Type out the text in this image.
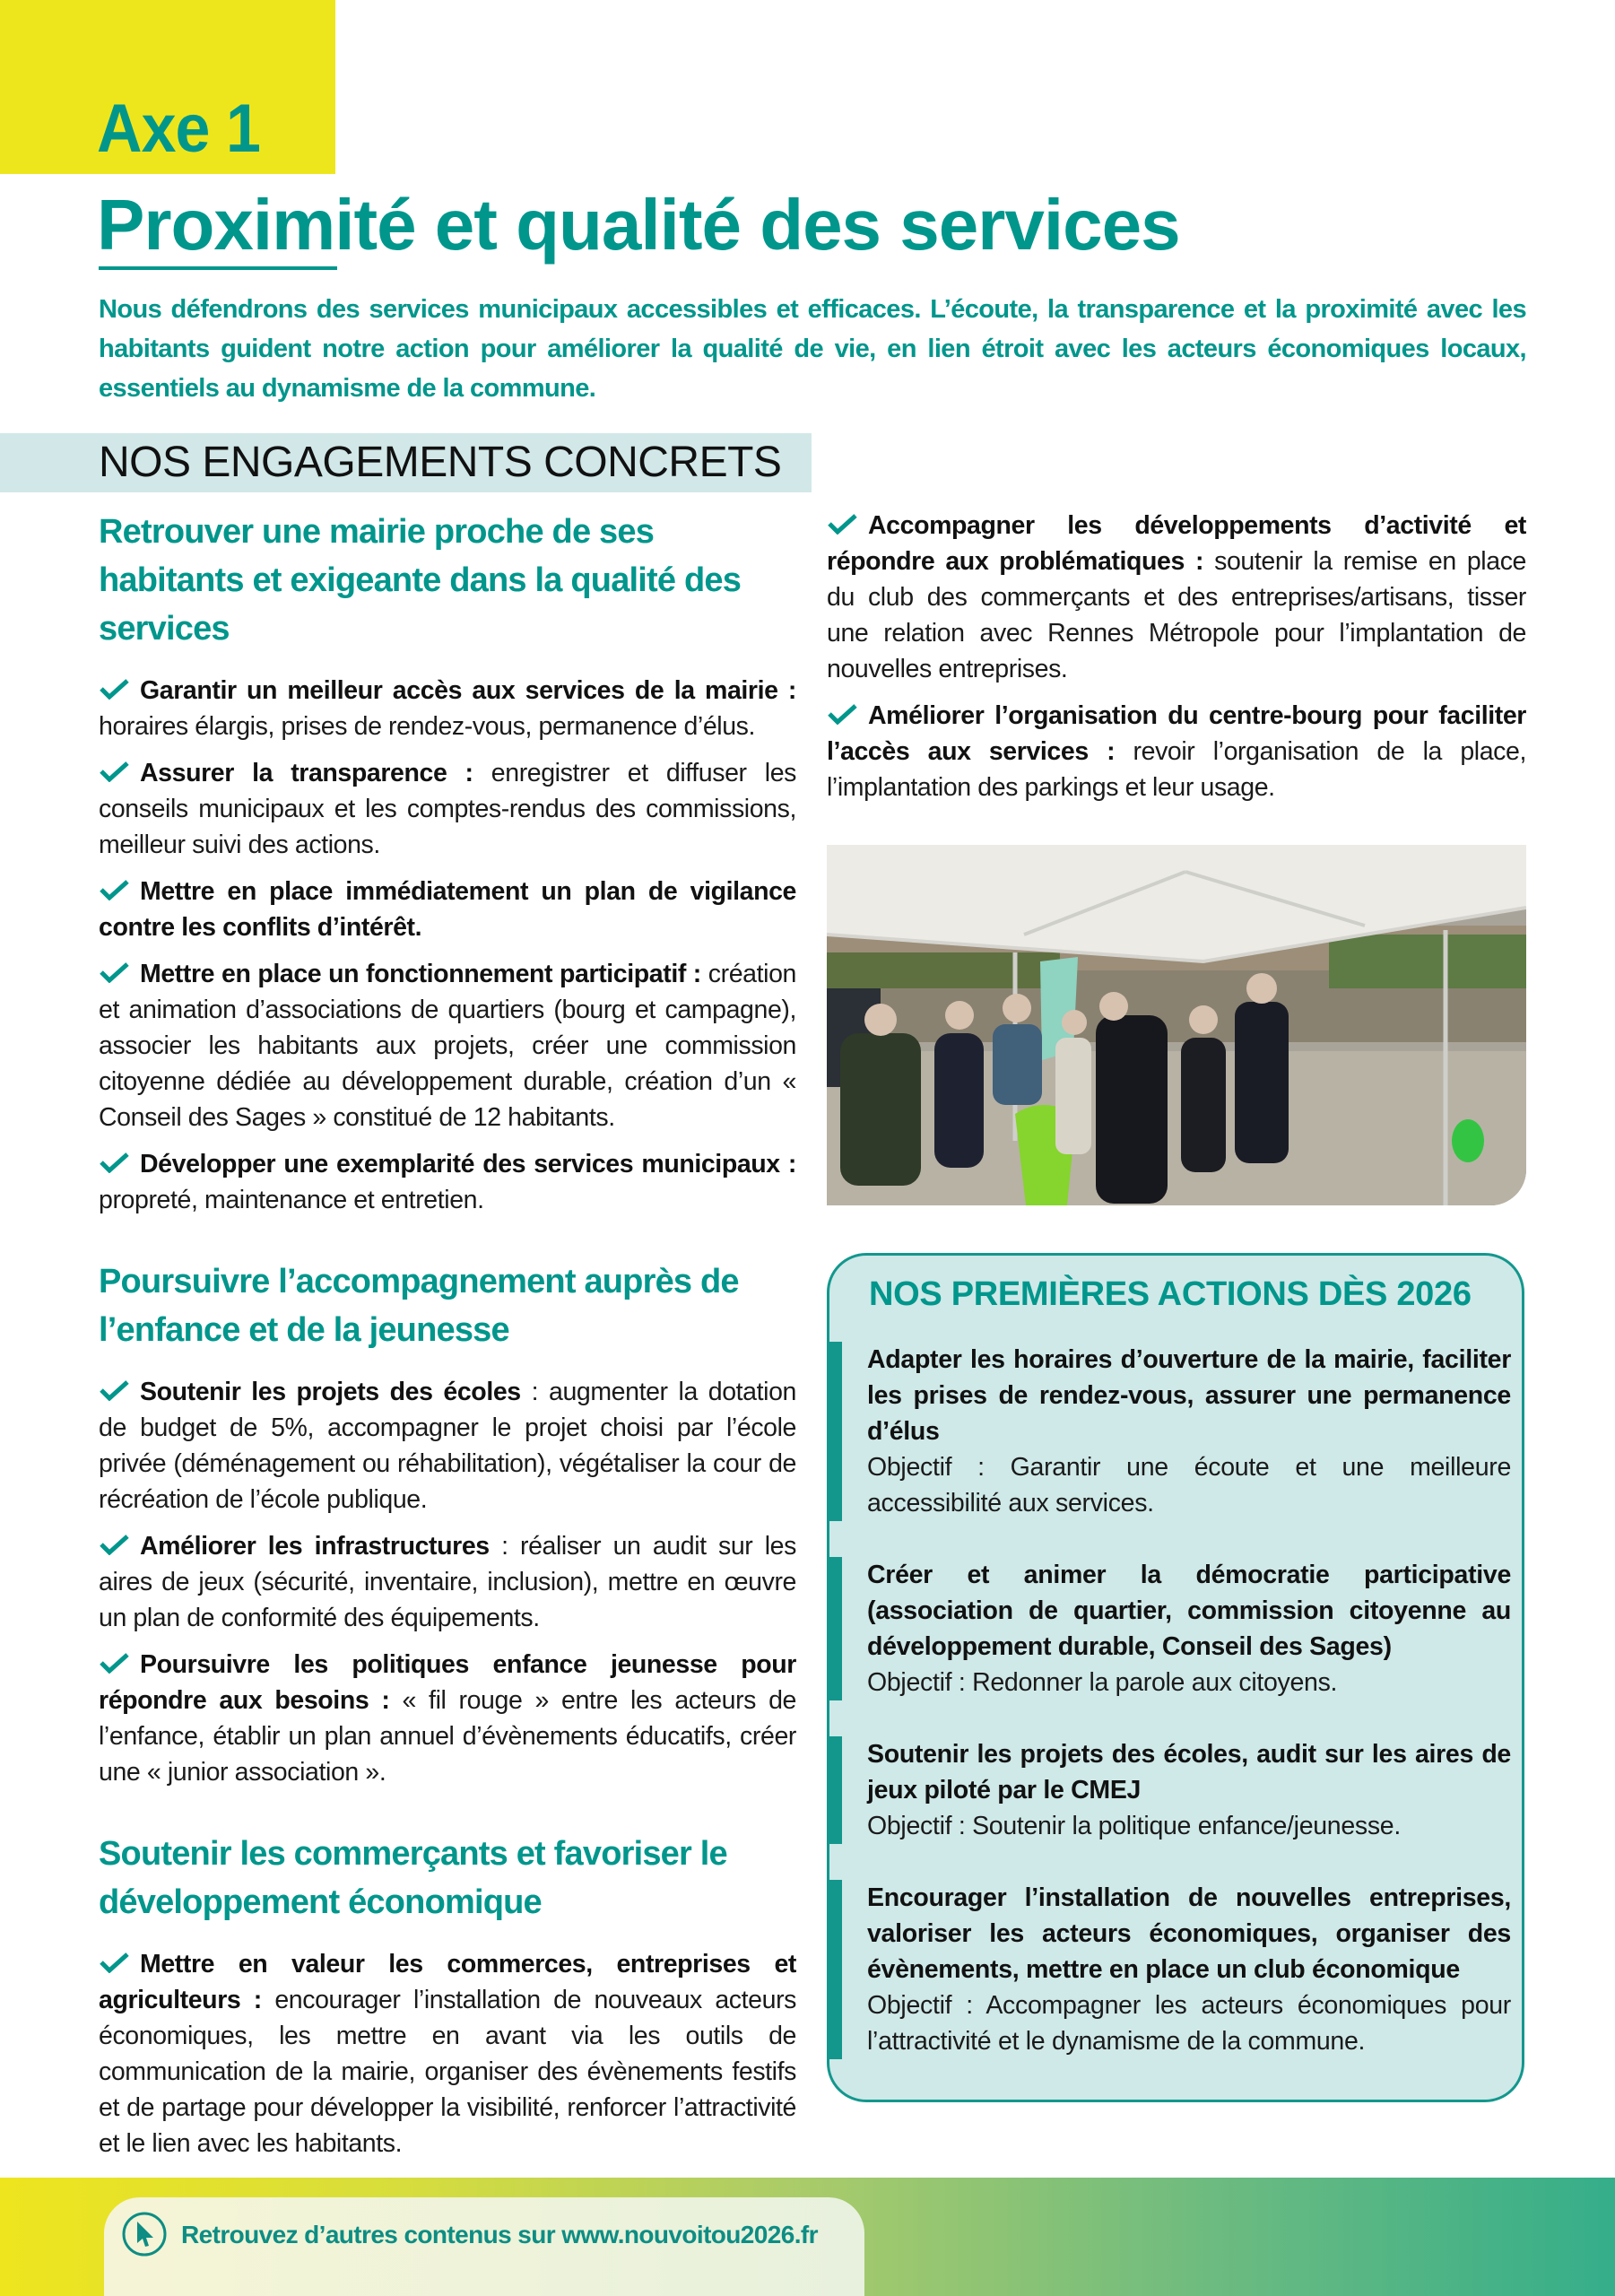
Axe 1
Proximité et qualité des services

Nous défendrons des services municipaux accessibles et efficaces. L’écoute, la transparence et la proximité avec les habitants guident notre action pour améliorer la qualité de vie, en lien étroit avec les acteurs économiques locaux, essentiels au dynamisme de la commune.

NOS ENGAGEMENTS CONCRETS
Retrouver une mairie proche de ses habitants et exigeante dans la qualité des services

Garantir un meilleur accès aux services de la mairie : horaires élargis, prises de rendez-vous, permanence d’élus.

Assurer la transparence : enregistrer et diffuser les conseils municipaux et les comptes-rendus des commissions, meilleur suivi des actions.

Mettre en place immédiatement un plan de vigilance contre les conflits d’intérêt.

Mettre en place un fonctionnement participatif : création et animation d’associations de quartiers (bourg et campagne), associer les habitants aux projets, créer une commission citoyenne dédiée au développement durable, création d’un « Conseil des Sages » constitué de 12 habitants.

Développer une exemplarité des services municipaux : propreté, maintenance et entretien.

Poursuivre l’accompagnement auprès de l’enfance et de la jeunesse

Soutenir les projets des écoles : augmenter la dotation de budget de 5%, accompagner le projet choisi par l’école privée (déménagement ou réhabilitation), végétaliser la cour de récréation de l’école publique.

Améliorer les infrastructures : réaliser un audit sur les aires de jeux (sécurité, inventaire, inclusion), mettre en œuvre un plan de conformité des équipements.

Poursuivre les politiques enfance jeunesse pour répondre aux besoins : « fil rouge » entre les acteurs de l’enfance, établir un plan annuel d’évènements éducatifs, créer une « junior association ».

Soutenir les commerçants et favoriser le développement économique

Mettre en valeur les commerces, entreprises et agriculteurs : encourager l’installation de nouveaux acteurs économiques, les mettre en avant via les outils de communication de la mairie, organiser des évènements festifs et de partage pour développer la visibilité, renforcer l’attractivité et le lien avec les habitants.

Accompagner les développements d’activité et répondre aux problématiques : soutenir la remise en place du club des commerçants et des entreprises/artisans, tisser une relation avec Rennes Métropole pour l’implantation de nouvelles entreprises.

Améliorer l’organisation du centre-bourg pour faciliter l’accès aux services : revoir l’organisation de la place, l’implantation des parkings et leur usage.

NOS PREMIÈRES ACTIONS DÈS 2026

Adapter les horaires d’ouverture de la mairie, faciliter les prises de rendez-vous, assurer une permanence d’élus

Objectif : Garantir une écoute et une meilleure accessibilité aux services.

Créer et animer la démocratie participative (association de quartier, commission citoyenne au développement durable, Conseil des Sages)

Objectif : Redonner la parole aux citoyens.

Soutenir les projets des écoles, audit sur les aires de jeux piloté par le CMEJ

Objectif : Soutenir la politique enfance/jeunesse.

Encourager l’installation de nouvelles entreprises, valoriser les acteurs économiques, organiser des évènements, mettre en place un club économique

Objectif : Accompagner les acteurs économiques pour l’attractivité et le dynamisme de la commune.

Retrouvez d’autres contenus sur www.nouvoitou2026.fr
